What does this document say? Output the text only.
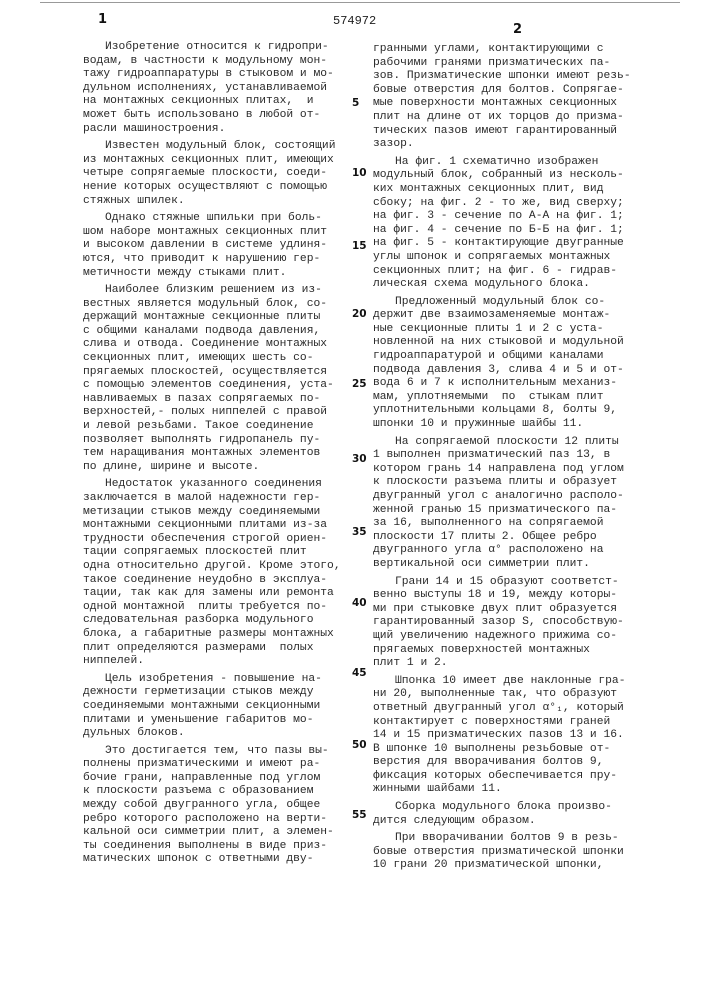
1	574972
2
Изобретение относится к гидропри-
водам, в частности к модульному мон-
тажу гидроаппаратуры в стыковом и мо-
дульном исполнениях, устанавливаемой
на монтажных секционных плитах,  и
может быть использовано в любой от-
расли машиностроения.
Известен модульный блок, состоящий
из монтажных секционных плит, имеющих
четыре сопрягаемые плоскости, соеди-
нение которых осуществляют с помощью
стяжных шпилек.
Однако стяжные шпильки при боль-
шом наборе монтажных секционных плит
и высоком давлении в системе удлиня-
ются, что приводит к нарушению гер-
метичности между стыками плит.
Наиболее близким решением из из-
вестных является модульный блок, со-
держащий монтажные секционные плиты
с общими каналами подвода давления,
слива и отвода. Соединение монтажных
секционных плит, имеющих шесть со-
прягаемых плоскостей, осуществляется
с помощью элементов соединения, уста-
навливаемых в пазах сопрягаемых по-
верхностей,- полых ниппелей с правой
и левой резьбами. Такое соединение
позволяет выполнять гидропанель пу-
тем наращивания монтажных элементов
по длине, ширине и высоте.
Недостаток указанного соединения
заключается в малой надежности гер-
метизации стыков между соединяемыми
монтажными секционными плитами из-за
трудности обеспечения строгой ориен-
тации сопрягаемых плоскостей плит
одна относительно другой. Кроме этого,
такое соединение неудобно в эксплуа-
тации, так как для замены или ремонта
одной монтажной  плиты требуется по-
следовательная разборка модульного
блока, а габаритные размеры монтажных
плит определяются размерами  полых
ниппелей.
Цель изобретения - повышение на-
дежности герметизации стыков между
соединяемыми монтажными секционными
плитами и уменьшение габаритов мо-
дульных блоков.
Это достигается тем, что пазы вы-
полнены призматическими и имеют ра-
бочие грани, направленные под углом
к плоскости разъема с образованием
между собой двугранного угла, общее
ребро которого расположено на верти-
кальной оси симметрии плит, а элемен-
ты соединения выполнены в виде приз-
матических шпонок с ответными дву-
гранными углами, контактирующими с
рабочими гранями призматических па-
зов. Призматические шпонки имеют резь-
бовые отверстия для болтов. Сопрягае-
мые поверхности монтажных секционных
плит на длине от их торцов до призма-
тических пазов имеют гарантированный
зазор.
На фиг. 1 схематично изображен
модульный блок, собранный из несколь-
ких монтажных секционных плит, вид
сбоку; на фиг. 2 - то же, вид сверху;
на фиг. 3 - сечение по А-А на фиг. 1;
на фиг. 4 - сечение по Б-Б на фиг. 1;
на фиг. 5 - контактирующие двугранные
углы шпонок и сопрягаемых монтажных
секционных плит; на фиг. 6 - гидрав-
лическая схема модульного блока.
Предложенный модульный блок со-
держит две взаимозаменяемые монтаж-
ные секционные плиты 1 и 2 с уста-
новленной на них стыковой и модульной
гидроаппаратурой и общими каналами
подвода давления 3, слива 4 и 5 и от-
вода 6 и 7 к исполнительным механиз-
мам, уплотняемыми  по  стыкам плит
уплотнительными кольцами 8, болты 9,
шпонки 10 и пружинные шайбы 11.
На сопрягаемой плоскости 12 плиты
1 выполнен призматический паз 13, в
котором грань 14 направлена под углом
к плоскости разъема плиты и образует
двугранный угол с аналогично располо-
женной гранью 15 призматического па-
за 16, выполненного на сопрягаемой
плоскости 17 плиты 2. Общее ребро
двугранного угла α° расположено на
вертикальной оси симметрии плит.
Грани 14 и 15 образуют соответст-
венно выступы 18 и 19, между которы-
ми при стыковке двух плит образуется
гарантированный зазор S, способствую-
щий увеличению надежного прижима со-
прягаемых поверхностей монтажных
плит 1 и 2.
Шпонка 10 имеет две наклонные гра-
ни 20, выполненные так, что образуют
ответный двугранный угол α°₁, который
контактирует с поверхностями граней
14 и 15 призматических пазов 13 и 16.
В шпонке 10 выполнены резьбовые от-
верстия для вворачивания болтов 9,
фиксация которых обеспечивается пру-
жинными шайбами 11.
Сборка модульного блока произво-
дится следующим образом.
При вворачивании болтов 9 в резь-
бовые отверстия призматической шпонки
10 грани 20 призматической шпонки,
5
10
15
20
25
30
35
40
45
50
55
